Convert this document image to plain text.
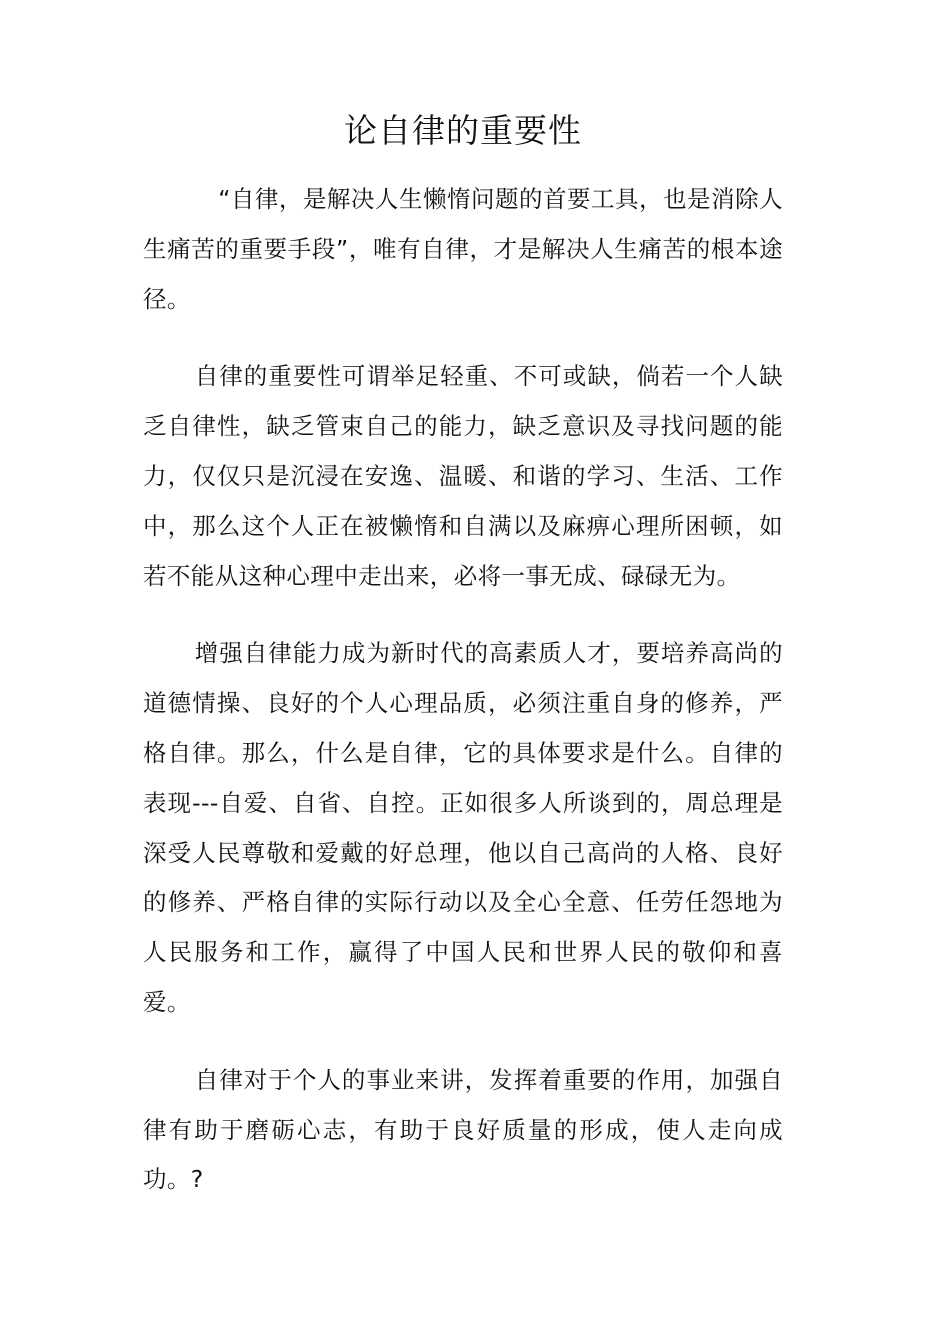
论自律的重要性

“自律，是解决人生懒惰问题的首要工具，也是消除人生痛苦的重要手段”，唯有自律，才是解决人生痛苦的根本途径。

自律的重要性可谓举足轻重、不可或缺，倘若一个人缺乏自律性，缺乏管束自己的能力，缺乏意识及寻找问题的能力，仅仅只是沉浸在安逸、温暖、和谐的学习、生活、工作中，那么这个人正在被懒惰和自满以及麻痹心理所困顿，如若不能从这种心理中走出来，必将一事无成、碌碌无为。

增强自律能力成为新时代的高素质人才，要培养高尚的道德情操、良好的个人心理品质，必须注重自身的修养，严格自律。那么，什么是自律，它的具体要求是什么。自律的表现---自爱、自省、自控。正如很多人所谈到的，周总理是深受人民尊敬和爱戴的好总理，他以自己高尚的人格、良好的修养、严格自律的实际行动以及全心全意、任劳任怨地为人民服务和工作，赢得了中国人民和世界人民的敬仰和喜爱。

自律对于个人的事业来讲，发挥着重要的作用，加强自律有助于磨砺心志，有助于良好质量的形成，使人走向成功。?
